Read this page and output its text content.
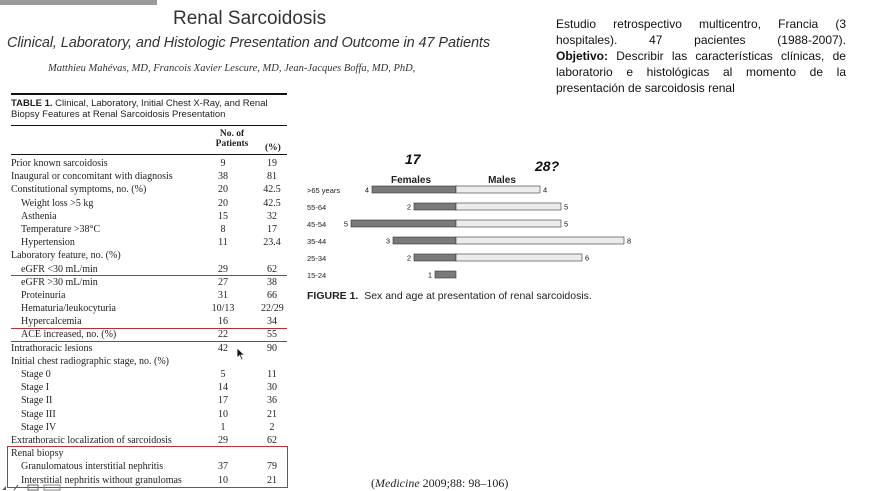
Renal Sarcoidosis
Clinical, Laboratory, and Histologic Presentation and Outcome in 47 Patients
Matthieu Mahévas, MD, Francois Xavier Lescure, MD, Jean-Jacques Boffa, MD, PhD,
TABLE 1. Clinical, Laboratory, Initial Chest X-Ray, and Renal Biopsy Features at Renal Sarcoidosis Presentation
No. of Patients	(%)
Prior known sarcoidosis	9	19
Inaugural or concomitant with diagnosis	38	81
Constitutional symptoms, no. (%)	20	42.5
Weight loss >5 kg	20	42.5
Asthenia	15	32
Temperature >38°C	8	17
Hypertension	11	23.4
Laboratory feature, no. (%)
eGFR <30 mL/min	29	62
eGFR >30 mL/min	27	38
Proteinuria	31	66
Hematuria/leukocyturia	10/13	22/29
Hypercalcemia	16	34
ACE increased, no. (%)	22	55
Intrathoracic lesions	42	90
Initial chest radiographic stage, no. (%)
Stage 0	5	11
Stage I	14	30
Stage II	17	36
Stage III	10	21
Stage IV	1	2
Extrathoracic localization of sarcoidosis	29	62
Renal biopsy
Granulomatous interstitial nephritis	37	79
Interstitial nephritis without granulomas	10	21
Estudio retrospectivo multicentro, Francia (3
hospitales). 47 pacientes (1988-2007).
Objetivo: Describir las características clínicas, de
laboratorio e histológicas al momento de la
presentación de sarcoidosis renal
17	28?
Females	Males
>65 years	4	4
55-64	2	5
45-54 5	5
35-44	3	8
25-34	2	6
15-24	1
FIGURE 1. Sex and age at presentation of renal sarcoidosis.
(Medicine 2009;88: 98–106)
